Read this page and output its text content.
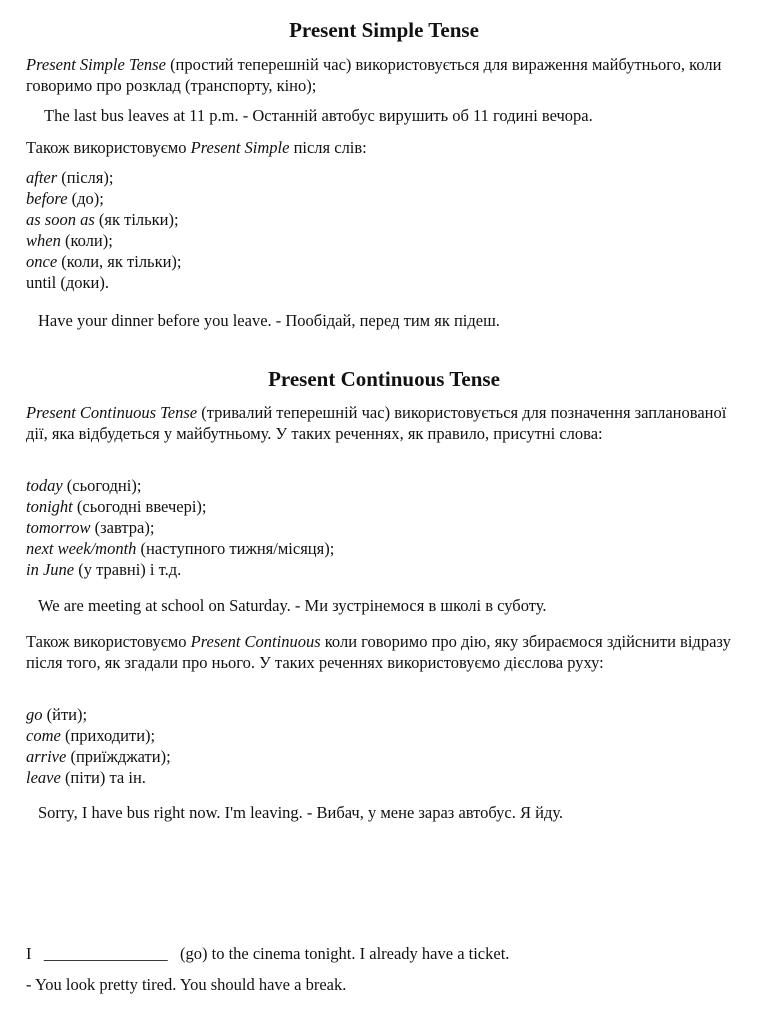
Present Simple Tense

Present Simple Tense (простий теперешній час) використовується для вираження майбутнього, коли говоримо про розклад (транспорту, кіно);

The last bus leaves at 11 p.m. - Останній автобус вирушить об 11 годині вечора.

Також використовуємо Present Simple після слів:

after (після);
before (до);
as soon as (як тільки);
when (коли);
once (коли, як тільки);
until (доки).

Have your dinner before you leave. - Пообідай, перед тим як підеш.

Present Continuous Tense

Present Continuous Tense (тривалий теперешній час) використовується для позначення запланованої дії, яка відбудеться у майбутньому. У таких реченнях, як правило, присутні слова:

today (сьогодні);
tonight (сьогодні ввечері);
tomorrow (завтра);
next week/month (наступного тижня/місяця);
in June (у травні) і т.д.

We are meeting at school on Saturday. - Ми зустрінемося в школі в суботу.

Також використовуємо Present Continuous коли говоримо про дію, яку збираємося здійснити відразу після того, як згадали про нього. У таких реченнях використовуємо дієслова руху:

go (йти);
come (приходити);
arrive (приїжджати);
leave (піти) та ін.

Sorry, I have bus right now. I'm leaving. - Вибач, у мене зараз автобус. Я йду.

I _______________ (go) to the cinema tonight. I already have a ticket.

- You look pretty tired. You should have a break.
